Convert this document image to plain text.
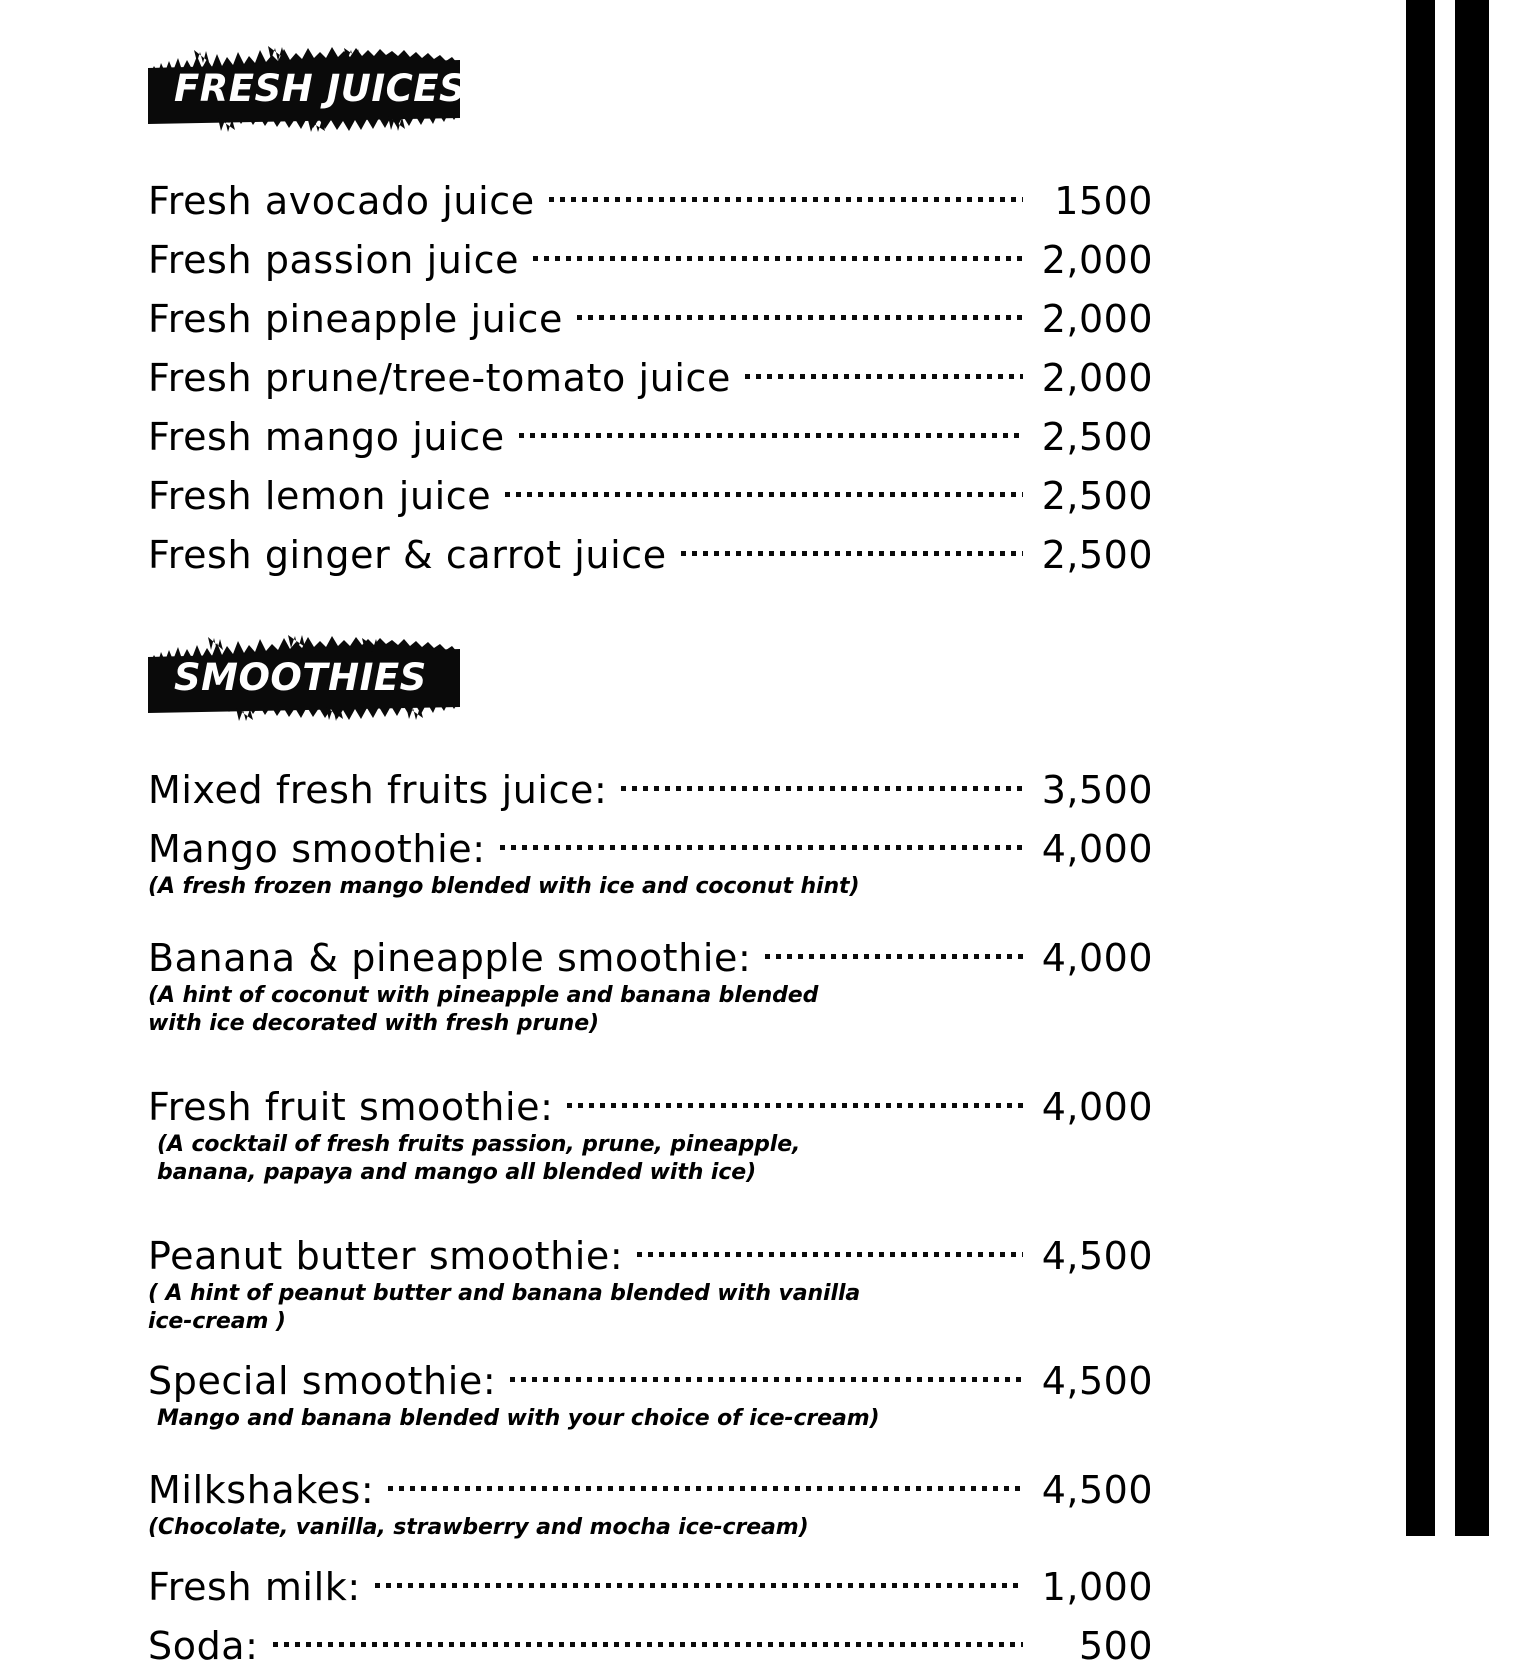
FRESH JUICES
Fresh avocado juice	1500
Fresh passion juice	2,000
Fresh pineapple juice	2,000
Fresh prune/tree-tomato juice	2,000
Fresh mango juice	2,500
Fresh lemon juice	2,500
Fresh ginger & carrot juice	2,500
SMOOTHIES
Mixed fresh fruits juice:	3,500
Mango smoothie:	4,000
(A fresh frozen mango blended with ice and coconut hint)
Banana & pineapple smoothie:	4,000
(A hint of coconut with pineapple and banana blended
with ice decorated with fresh prune)
Fresh fruit smoothie:	4,000
(A cocktail of fresh fruits passion, prune, pineapple,
banana, papaya and mango all blended with ice)
Peanut butter smoothie:	4,500
( A hint of peanut butter and banana blended with vanilla
ice-cream )
Special smoothie:	4,500
Mango and banana blended with your choice of ice-cream)
Milkshakes:	4,500
(Chocolate, vanilla, strawberry and mocha ice-cream)
Fresh milk:	1,000
Soda:	500
